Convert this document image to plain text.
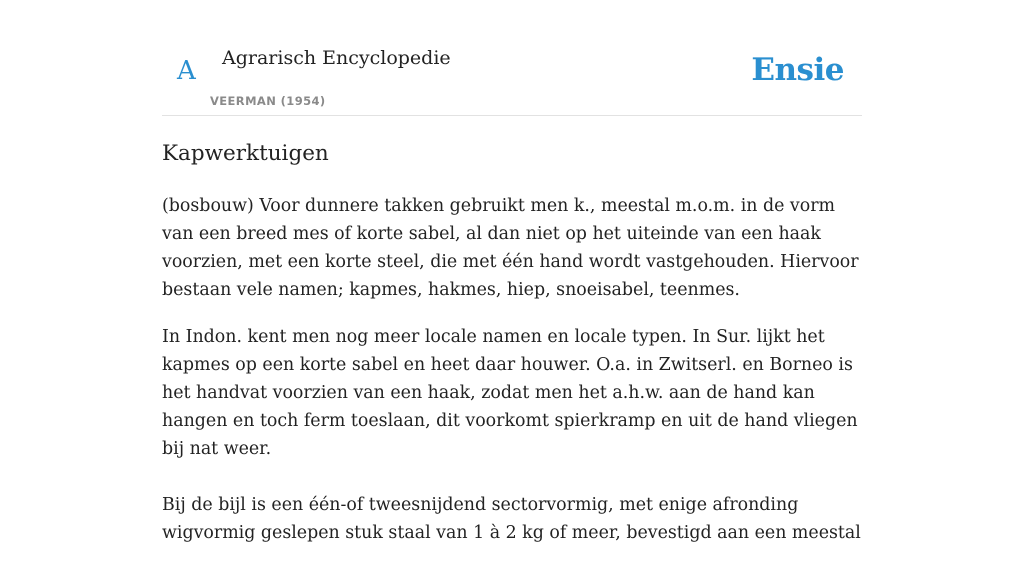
A Agrarisch Encyclopedie
VEERMAN (1954)
Ensie
Kapwerktuigen

(bosbouw) Voor dunnere takken gebruikt men k., meestal m.o.m. in de vorm van een breed mes of korte sabel, al dan niet op het uiteinde van een haak voorzien, met een korte steel, die met één hand wordt vastgehouden. Hiervoor bestaan vele namen; kapmes, hakmes, hiep, snoeisabel, teenmes.

In Indon. kent men nog meer locale namen en locale typen. In Sur. lijkt het kapmes op een korte sabel en heet daar houwer. O.a. in Zwitserl. en Borneo is het handvat voorzien van een haak, zodat men het a.h.w. aan de hand kan hangen en toch ferm toeslaan, dit voorkomt spierkramp en uit de hand vliegen bij nat weer.

Bij de bijl is een één-of tweesnijdend sectorvormig, met enige afronding wigvormig geslepen stuk staal van 1 à 2 kg of meer, bevestigd aan een meestal
